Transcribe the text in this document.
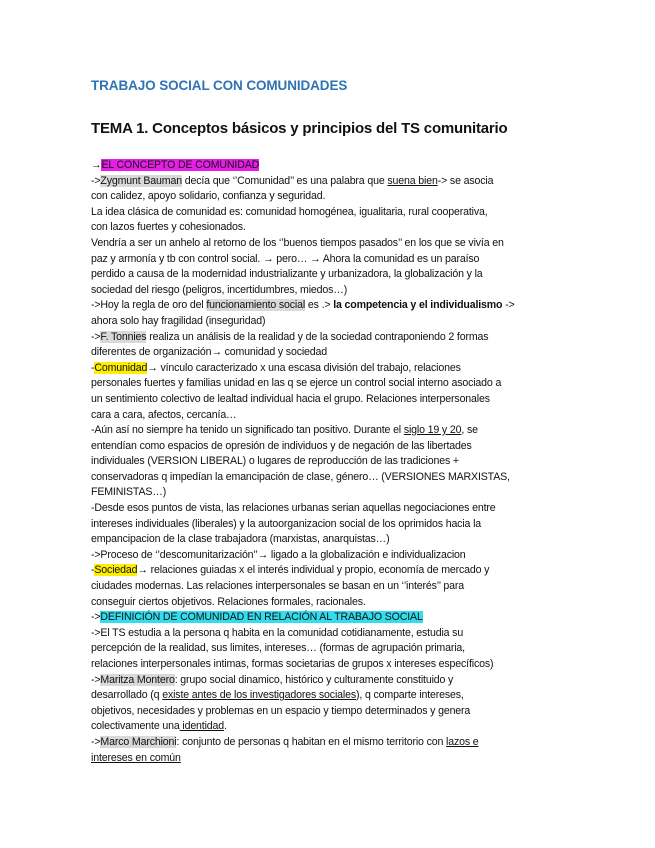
TRABAJO SOCIAL CON COMUNIDADES
TEMA 1. Conceptos básicos y principios del TS comunitario
→EL CONCEPTO DE COMUNIDAD
->Zygmunt Bauman decía que ‘’Comunidad’’ es una palabra que suena bien-> se asocia
con calidez, apoyo solidario, confianza y seguridad.
La idea clásica de comunidad es: comunidad homogénea, igualitaria, rural cooperativa,
con lazos fuertes y cohesionados.
Vendría a ser un anhelo al retorno de los ‘’buenos tiempos pasados’’ en los que se vivía en
paz y armonía y tb con control social. → pero… → Ahora la comunidad es un paraíso
perdido a causa de la modernidad industrializante y urbanizadora, la globalización y la
sociedad del riesgo (peligros, incertidumbres, miedos…)
->Hoy la regla de oro del funcionamiento social es .> la competencia y el individualismo ->
ahora solo hay fragilidad (inseguridad)
->F. Tonnies realiza un análisis de la realidad y de la sociedad contraponiendo 2 formas
diferentes de organización→ comunidad y sociedad
-Comunidad→ vínculo caracterizado x una escasa división del trabajo, relaciones
personales fuertes y familias unidad en las q se ejerce un control social interno asociado a
un sentimiento colectivo de lealtad individual hacia el grupo. Relaciones interpersonales
cara a cara, afectos, cercanía…
-Aún así no siempre ha tenido un significado tan positivo. Durante el siglo 19 y 20, se
entendían como espacios de opresión de individuos y de negación de las libertades
individuales (VERSION LIBERAL) o lugares de reproducción de las tradiciones +
conservadoras q impedían la emancipación de clase, género… (VERSIONES MARXISTAS,
FEMINISTAS…)
-Desde esos puntos de vista, las relaciones urbanas serian aquellas negociaciones entre
intereses individuales (liberales) y la autoorganizacion social de los oprimidos hacia la
empancipacion de la clase trabajadora (marxistas, anarquistas…)
->Proceso de ‘’descomunitarización’’→ ligado a la globalización e individualizacion
-Sociedad→ relaciones guiadas x el interés individual y propio, economía de mercado y
ciudades modernas. Las relaciones interpersonales se basan en un ‘’interés’’ para
conseguir ciertos objetivos. Relaciones formales, racionales.
->DEFINICIÓN DE COMUNIDAD EN RELACIÓN AL TRABAJO SOCIAL
->El TS estudia a la persona q habita en la comunidad cotidianamente, estudia su
percepción de la realidad, sus limites, intereses… (formas de agrupación primaria,
relaciones interpersonales intimas, formas societarias de grupos x intereses específicos)
->Maritza Montero: grupo social dinamico, histórico y culturamente constituido y
desarrollado (q existe antes de los investigadores sociales), q comparte intereses,
objetivos, necesidades y problemas en un espacio y tiempo determinados y genera
colectivamente una identidad.
->Marco Marchioni: conjunto de personas q habitan en el mismo territorio con lazos e
intereses en común
